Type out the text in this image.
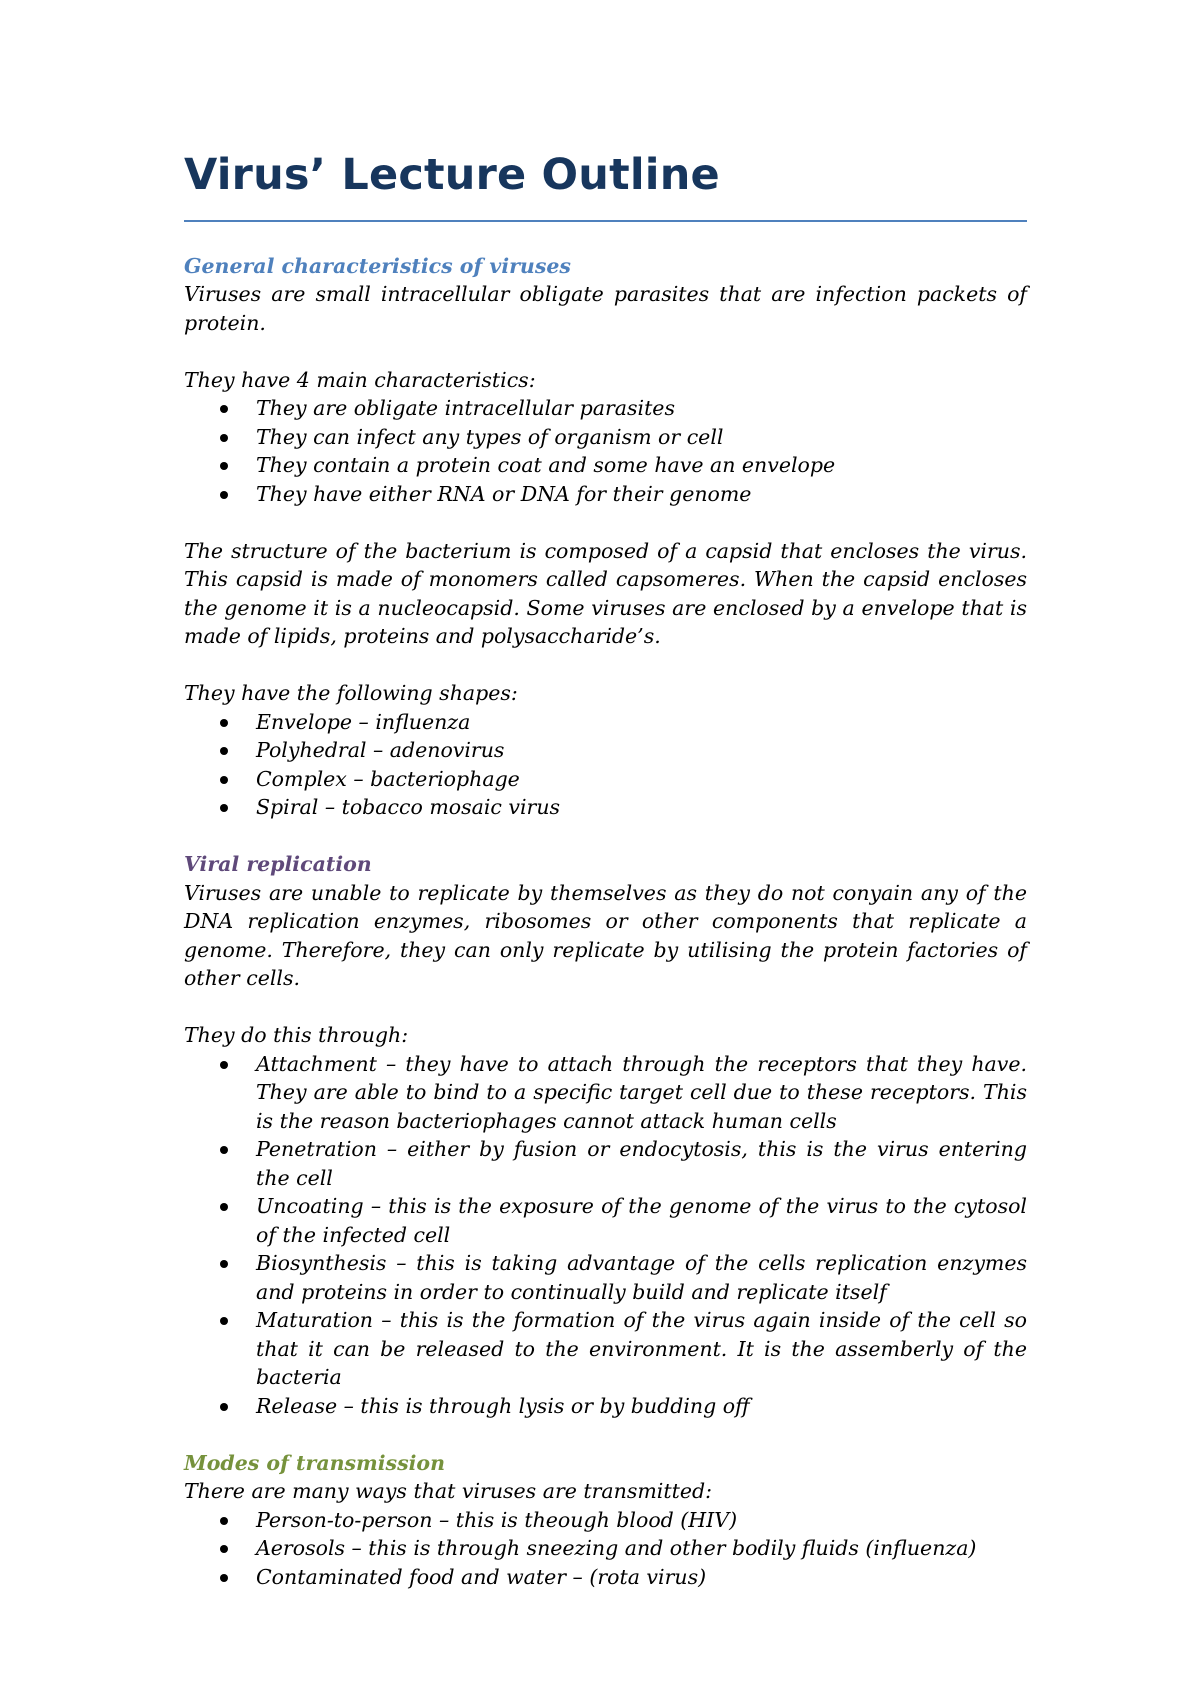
Virus’ Lecture Outline
General characteristics of viruses

Viruses are small intracellular obligate parasites that are infection packets of protein.

They have 4 main characteristics:

They are obligate intracellular parasites
They can infect any types of organism or cell
They contain a protein coat and some have an envelope
They have either RNA or DNA for their genome

The structure of the bacterium is composed of a capsid that encloses the virus. This capsid is made of monomers called capsomeres. When the capsid encloses the genome it is a nucleocapsid. Some viruses are enclosed by a envelope that is made of lipids, proteins and polysaccharide’s.

They have the following shapes:

Envelope – influenza
Polyhedral – adenovirus
Complex – bacteriophage
Spiral – tobacco mosaic virus
Viral replication

Viruses are unable to replicate by themselves as they do not conyain any of the DNA replication enzymes, ribosomes or other components that replicate a genome. Therefore, they can only replicate by utilising the protein factories of other cells.

They do this through:

Attachment – they have to attach through the receptors that they have. They are able to bind to a specific target cell due to these receptors. This is the reason bacteriophages cannot attack human cells
Penetration – either by fusion or endocytosis, this is the virus entering the cell
Uncoating – this is the exposure of the genome of the virus to the cytosol of the infected cell
Biosynthesis – this is taking advantage of the cells replication enzymes and proteins in order to continually build and replicate itself
Maturation – this is the formation of the virus again inside of the cell so that it can be released to the environment. It is the assemberly of the bacteria
Release – this is through lysis or by budding off
Modes of transmission

There are many ways that viruses are transmitted:

Person-to-person – this is theough blood (HIV)
Aerosols – this is through sneezing and other bodily fluids (influenza)
Contaminated food and water – (rota virus)
